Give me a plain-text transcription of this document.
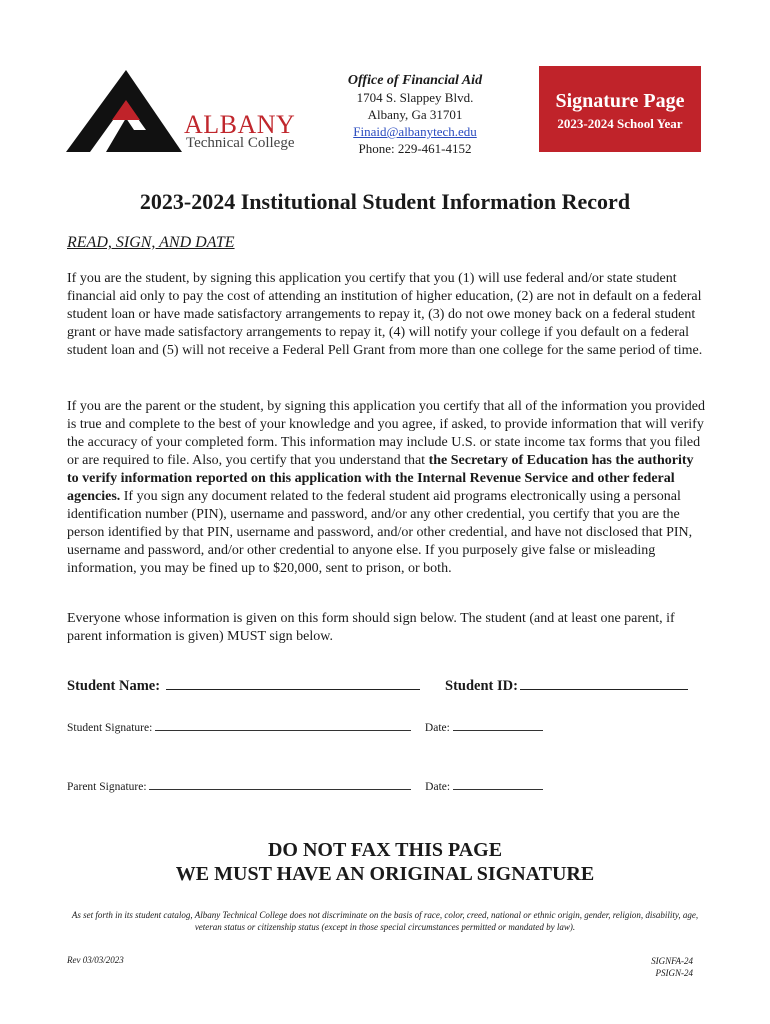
ALBANY
Technical College
Office of Financial Aid
1704 S. Slappey Blvd.
Albany, Ga 31701
Finaid@albanytech.edu
Phone: 229-461-4152
Signature Page
2023-2024 School Year
2023-2024 Institutional Student Information Record
READ, SIGN, AND DATE
If you are the student, by signing this application you certify that you (1) will use federal and/or state student financial aid only to pay the cost of attending an institution of higher education, (2) are not in default on a federal student loan or have made satisfactory arrangements to repay it, (3) do not owe money back on a federal student grant or have made satisfactory arrangements to repay it, (4) will notify your college if you default on a federal student loan and (5) will not receive a Federal Pell Grant from more than one college for the same period of time.
If you are the parent or the student, by signing this application you certify that all of the information you provided is true and complete to the best of your knowledge and you agree, if asked, to provide information that will verify the accuracy of your completed form. This information may include U.S. or state income tax forms that you filed or are required to file. Also, you certify that you understand that the Secretary of Education has the authority to verify information reported on this application with the Internal Revenue Service and other federal agencies. If you sign any document related to the federal student aid programs electronically using a personal identification number (PIN), username and password, and/or any other credential, you certify that you are the person identified by that PIN, username and password, and/or other credential, and have not disclosed that PIN, username and password, and/or other credential to anyone else. If you purposely give false or misleading information, you may be fined up to $20,000, sent to prison, or both.
Everyone whose information is given on this form should sign below. The student (and at least one parent, if parent information is given) MUST sign below.
Student Name:	Student ID:
Student Signature:	Date:
Parent Signature:	Date:
DO NOT FAX THIS PAGE
WE MUST HAVE AN ORIGINAL SIGNATURE
As set forth in its student catalog, Albany Technical College does not discriminate on the basis of race, color, creed, national or ethnic origin, gender, religion, disability, age, veteran status or citizenship status (except in those special circumstances permitted or mandated by law).
Rev 03/03/2023	SIGNFA-24
PSIGN-24
